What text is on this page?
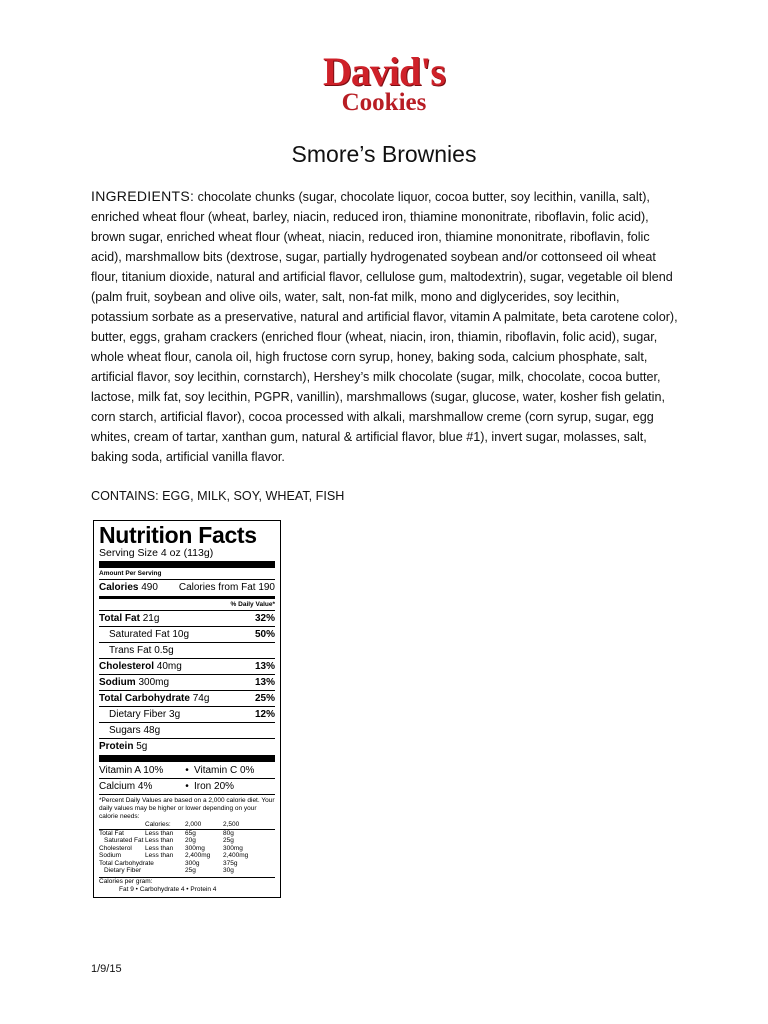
David's
Cookies
Smore’s Brownies
INGREDIENTS: chocolate chunks (sugar, chocolate liquor, cocoa butter, soy lecithin, vanilla, salt), enriched wheat flour (wheat, barley, niacin, reduced iron, thiamine mononitrate, riboflavin, folic acid), brown sugar, enriched wheat flour (wheat, niacin, reduced iron, thiamine mononitrate, riboflavin, folic acid), marshmallow bits (dextrose, sugar, partially hydrogenated soybean and/or cottonseed oil wheat flour, titanium dioxide, natural and artificial flavor, cellulose gum, maltodextrin), sugar, vegetable oil blend (palm fruit, soybean and olive oils, water, salt, non-fat milk, mono and diglycerides, soy lecithin, potassium sorbate as a preservative, natural and artificial flavor, vitamin A palmitate, beta carotene color), butter, eggs, graham crackers (enriched flour (wheat, niacin, iron, thiamin, riboflavin, folic acid), sugar, whole wheat flour, canola oil, high fructose corn syrup, honey, baking soda, calcium phosphate, salt, artificial flavor, soy lecithin, cornstarch), Hershey’s milk chocolate (sugar, milk, chocolate, cocoa butter, lactose, milk fat, soy lecithin, PGPR, vanillin), marshmallows (sugar, glucose, water, kosher fish gelatin, corn starch, artificial flavor), cocoa processed with alkali, marshmallow creme (corn syrup, sugar, egg whites, cream of tartar, xanthan gum, natural & artificial flavor, blue #1), invert sugar, molasses, salt, baking soda, artificial vanilla flavor.
CONTAINS: EGG, MILK, SOY, WHEAT, FISH
Nutrition Facts
Serving Size 4 oz (113g)
Amount Per Serving
Calories 490 Calories from Fat 190
% Daily Value*
Total Fat 21g	32%
Saturated Fat 10g	50%
Trans Fat 0.5g
Cholesterol 40mg	13%
Sodium 300mg	13%
Total Carbohydrate 74g	25%
Dietary Fiber 3g	12%
Sugars 48g
Protein 5g
Vitamin A 10%	• Vitamin C 0%
Calcium 4%	• Iron 20%
*Percent Daily Values are based on a 2,000 calorie diet. Your daily values may be higher or lower depending on your calorie needs:
Calories:	2,000	2,500
Total Fat	Less than	65g	80g
Saturated Fat Less than	20g	25g
Cholesterol	Less than	300mg	300mg
Sodium	Less than	2,400mg	2,400mg
Total Carbohydrate	300g	375g
Dietary Fiber	25g	30g
Calories per gram:
Fat 9 • Carbohydrate 4 • Protein 4
1/9/15
